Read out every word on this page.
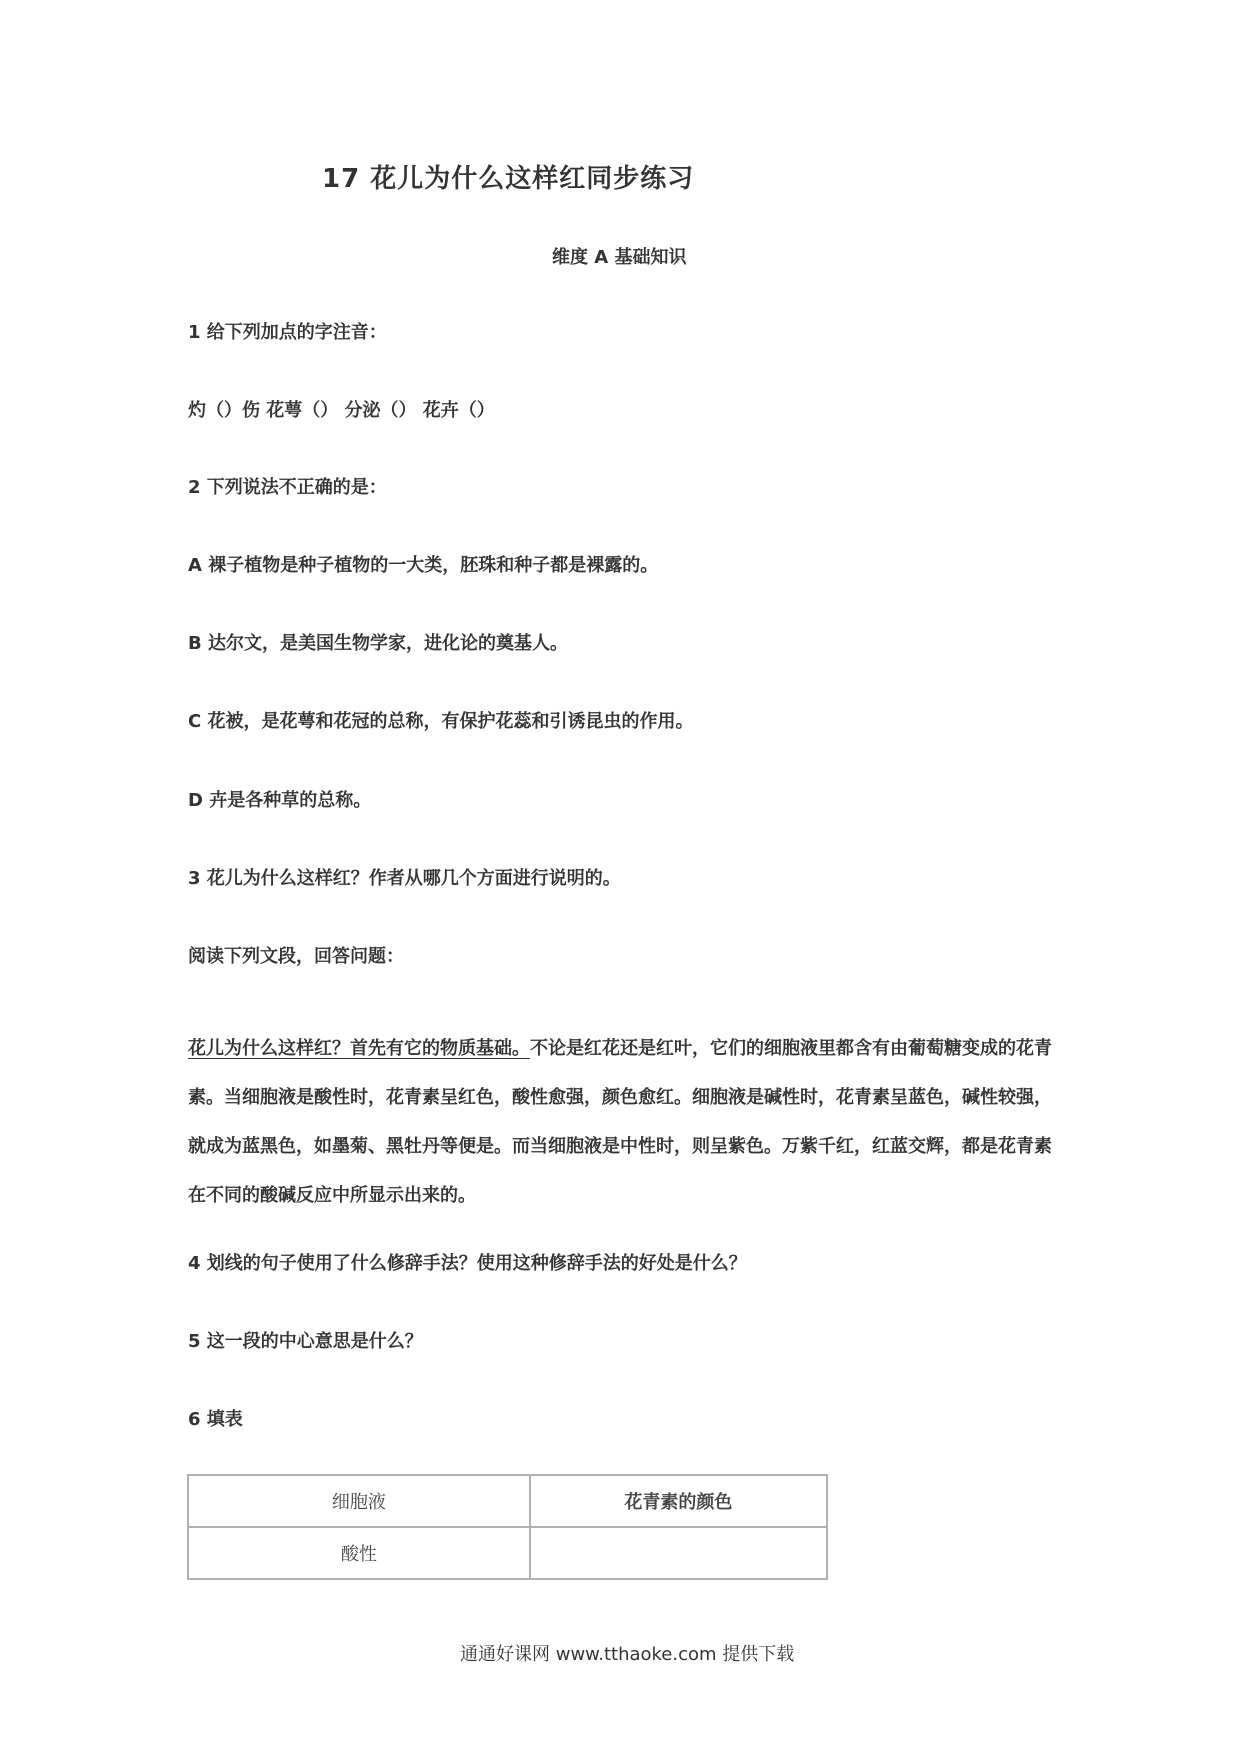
17 花儿为什么这样红同步练习
维度 A 基础知识
1 给下列加点的字注音：
灼（）伤 花萼（） 分泌（） 花卉（）
2 下列说法不正确的是：
A 裸子植物是种子植物的一大类，胚珠和种子都是裸露的。
B 达尔文，是美国生物学家，进化论的奠基人。
C 花被，是花萼和花冠的总称，有保护花蕊和引诱昆虫的作用。
D 卉是各种草的总称。
3 花儿为什么这样红？作者从哪几个方面进行说明的。
阅读下列文段，回答问题：
花儿为什么这样红？首先有它的物质基础。不论是红花还是红叶，它们的细胞液里都含有由葡萄糖变成的花青素。当细胞液是酸性时，花青素呈红色，酸性愈强，颜色愈红。细胞液是碱性时，花青素呈蓝色，碱性较强，就成为蓝黑色，如墨菊、黑牡丹等便是。而当细胞液是中性时，则呈紫色。万紫千红，红蓝交辉，都是花青素在不同的酸碱反应中所显示出来的。
4 划线的句子使用了什么修辞手法？使用这种修辞手法的好处是什么？
5 这一段的中心意思是什么？
6 填表
细胞液	花青素的颜色
酸性	
通通好课网 www.tthaoke.com 提供下载
